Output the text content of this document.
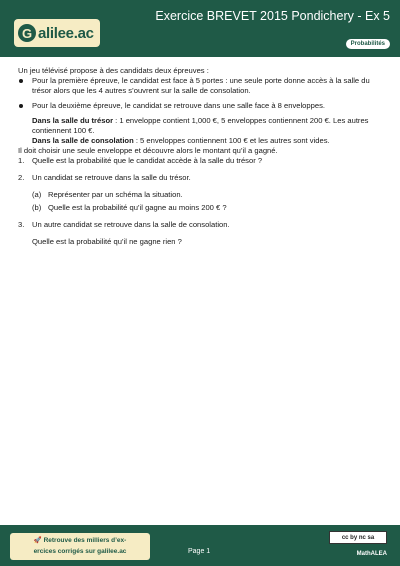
G alilee.ac
Exercice BREVET 2015 Pondichery - Ex 5
Probabilités

Un jeu télévisé propose à des candidats deux épreuves :

Pour la première épreuve, le candidat est face à 5 portes : une seule porte donne accès à la salle du trésor alors que les 4 autres s’ouvrent sur la salle de consolation.
Pour la deuxième épreuve, le candidat se retrouve dans une salle face à 8 enveloppes.

Dans la salle du trésor : 1 enveloppe contient 1,000 €, 5 enveloppes contiennent 200 €. Les autres contiennent 100 €.

Dans la salle de consolation : 5 enveloppes contiennent 100 € et les autres sont vides.

Il doit choisir une seule enveloppe et découvre alors le montant qu’il a gagné.

1. Quelle est la probabilité que le candidat accède à la salle du trésor ?
2. Un candidat se retrouve dans la salle du trésor.
(a) Représenter par un schéma la situation.
(b) Quelle est la probabilité qu’il gagne au moins 200 € ?
3. Un autre candidat se retrouve dans la salle de consolation.

Quelle est la probabilité qu’il ne gagne rien ?

🚀 Retrouve des milliers d’ex-
ercices corrigés sur galilee.ac	Page 1
cc by nc sa
MathALEA
